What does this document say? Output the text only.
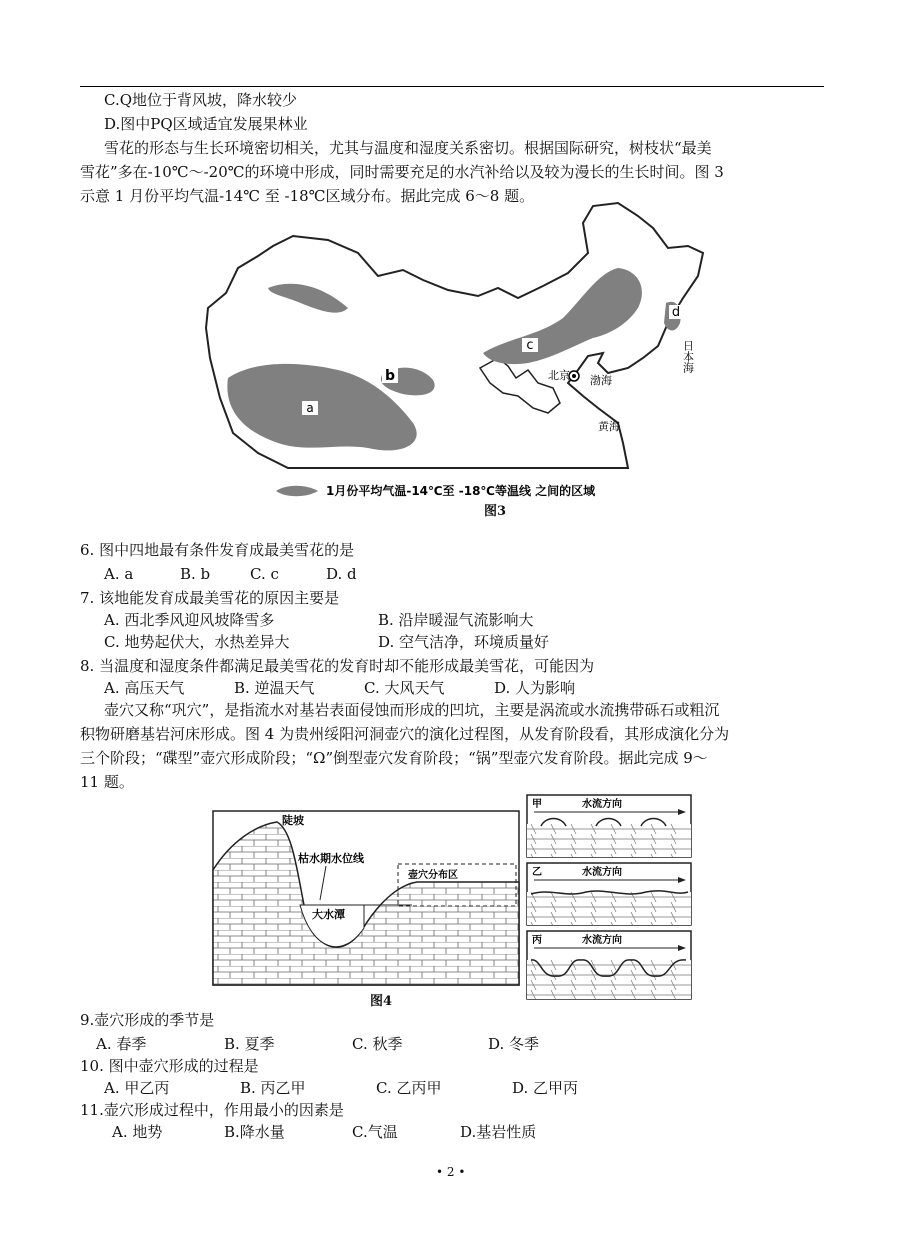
C.Q地位于背风坡，降水较少
D.图中PQ区域适宜发展果林业
雪花的形态与生长环境密切相关，尤其与温度和湿度关系密切。根据国际研究，树枝状“最美
雪花”多在-10℃～-20℃的环境中形成，同时需要充足的水汽补给以及较为漫长的生长时间。图 3
示意 1 月份平均气温-14℃ 至 -18℃区域分布。据此完成 6～8 题。
a
b
c
d
北京 渤海
黄海
日本海
1月份平均气温-14℃至 -18℃等温线 之间的区域
图3
6. 图中四地最有条件发育成最美雪花的是
A. a	B. b	C. c	D. d
7. 该地能发育成最美雪花的原因主要是
A. 西北季风迎风坡降雪多	B. 沿岸暖湿气流影响大
C. 地势起伏大，水热差异大	D. 空气洁净，环境质量好
8. 当温度和湿度条件都满足最美雪花的发育时却不能形成最美雪花，可能因为
A. 高压天气	B. 逆温天气	C. 大风天气	D. 人为影响
壶穴又称“巩穴”，是指流水对基岩表面侵蚀而形成的凹坑，主要是涡流或水流携带砾石或粗沉
积物研磨基岩河床形成。图 4 为贵州绥阳河洞壶穴的演化过程图，从发育阶段看，其形成演化分为
三个阶段；“碟型”壶穴形成阶段；“Ω”倒型壶穴发育阶段；“锅”型壶穴发育阶段。据此完成 9～
11 题。
陡坡
枯水期水位线
大水潭
壶穴分布区
图4
甲	水流方向
乙	水流方向
丙	水流方向
9.壶穴形成的季节是
A. 春季	B. 夏季	C. 秋季	D. 冬季
10. 图中壶穴形成的过程是
A. 甲乙丙	B. 丙乙甲	C. 乙丙甲	D. 乙甲丙
11.壶穴形成过程中，作用最小的因素是
A. 地势	B.降水量	C.气温	D.基岩性质
• 2 •
